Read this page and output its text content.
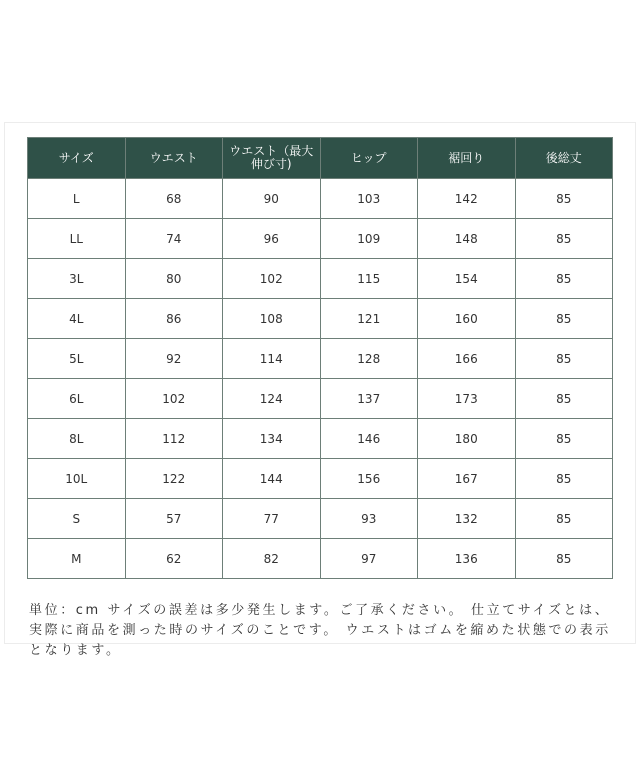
サイズ	ウエスト	ウエスト（最大伸び寸)	ヒップ	裾回り	後総丈
L	68	90	103	142	85
LL	74	96	109	148	85
3L	80	102	115	154	85
4L	86	108	121	160	85
5L	92	114	128	166	85
6L	102	124	137	173	85
8L	112	134	146	180	85
10L	122	144	156	167	85
S	57	77	93	132	85
M	62	82	97	136	85

単位：cm サイズの誤差は多少発生します。ご了承ください。 仕立てサイズとは、実際に商品を測った時のサイズのことです。 ウエストはゴムを縮めた状態での表示となります。
